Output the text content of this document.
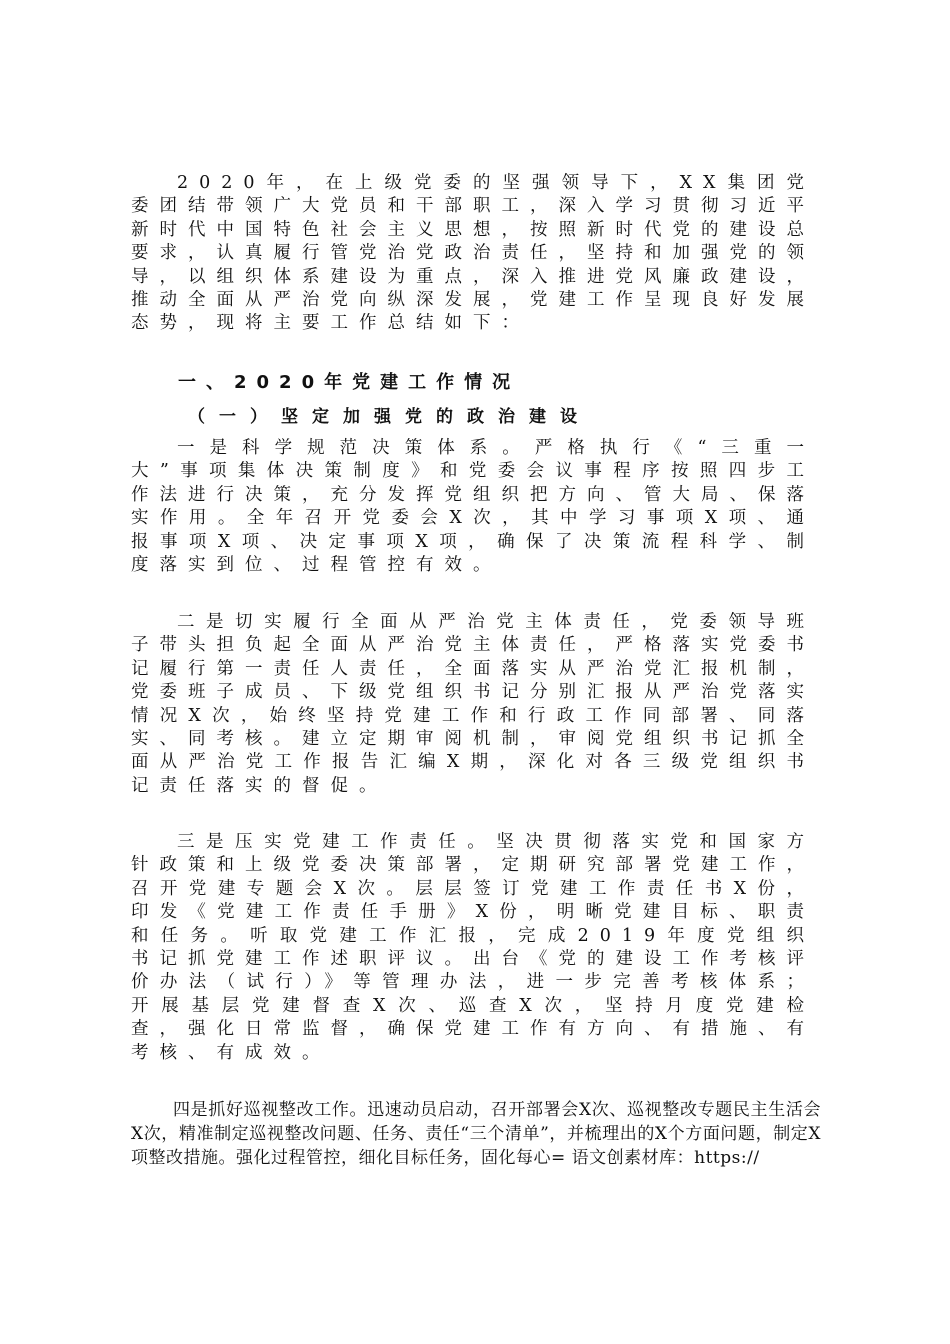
2020年，在上级党委的坚强领导下，XX集团党委团结带领广大党员和干部职工，深入学习贯彻习近平新时代中国特色社会主义思想，按照新时代党的建设总要求，认真履行管党治党政治责任，坚持和加强党的领导，以组织体系建设为重点，深入推进党风廉政建设，推动全面从严治党向纵深发展，党建工作呈现良好发展态势，现将主要工作总结如下：
一、2020年党建工作情况
（一）坚定加强党的政治建设
一是科学规范决策体系。严格执行《“三重一大”事项集体决策制度》和党委会议事程序按照四步工作法进行决策，充分发挥党组织把方向、管大局、保落实作用。全年召开党委会X次，其中学习事项X项、通报事项X项、决定事项X项，确保了决策流程科学、制度落实到位、过程管控有效。
二是切实履行全面从严治党主体责任，党委领导班子带头担负起全面从严治党主体责任，严格落实党委书记履行第一责任人责任，全面落实从严治党汇报机制，党委班子成员、下级党组织书记分别汇报从严治党落实情况X次，始终坚持党建工作和行政工作同部署、同落实、同考核。建立定期审阅机制，审阅党组织书记抓全面从严治党工作报告汇编X期，深化对各三级党组织书记责任落实的督促。
三是压实党建工作责任。坚决贯彻落实党和国家方针政策和上级党委决策部署，定期研究部署党建工作，召开党建专题会X次。层层签订党建工作责任书X份，印发《党建工作责任手册》X份，明晰党建目标、职责和任务。听取党建工作汇报，完成2019年度党组织书记抓党建工作述职评议。出台《党的建设工作考核评价办法（试行）》等管理办法，进一步完善考核体系；开展基层党建督查X次、巡查X次，坚持月度党建检查，强化日常监督，确保党建工作有方向、有措施、有考核、有成效。
四是抓好巡视整改工作。迅速动员启动，召开部署会X次、巡视整改专题民主生活会X次，精准制定巡视整改问题、任务、责任“三个清单”，并梳理出的X个方面问题，制定X项整改措施。强化过程管控，细化目标任务，固化每心= 语文创素材库：https://
